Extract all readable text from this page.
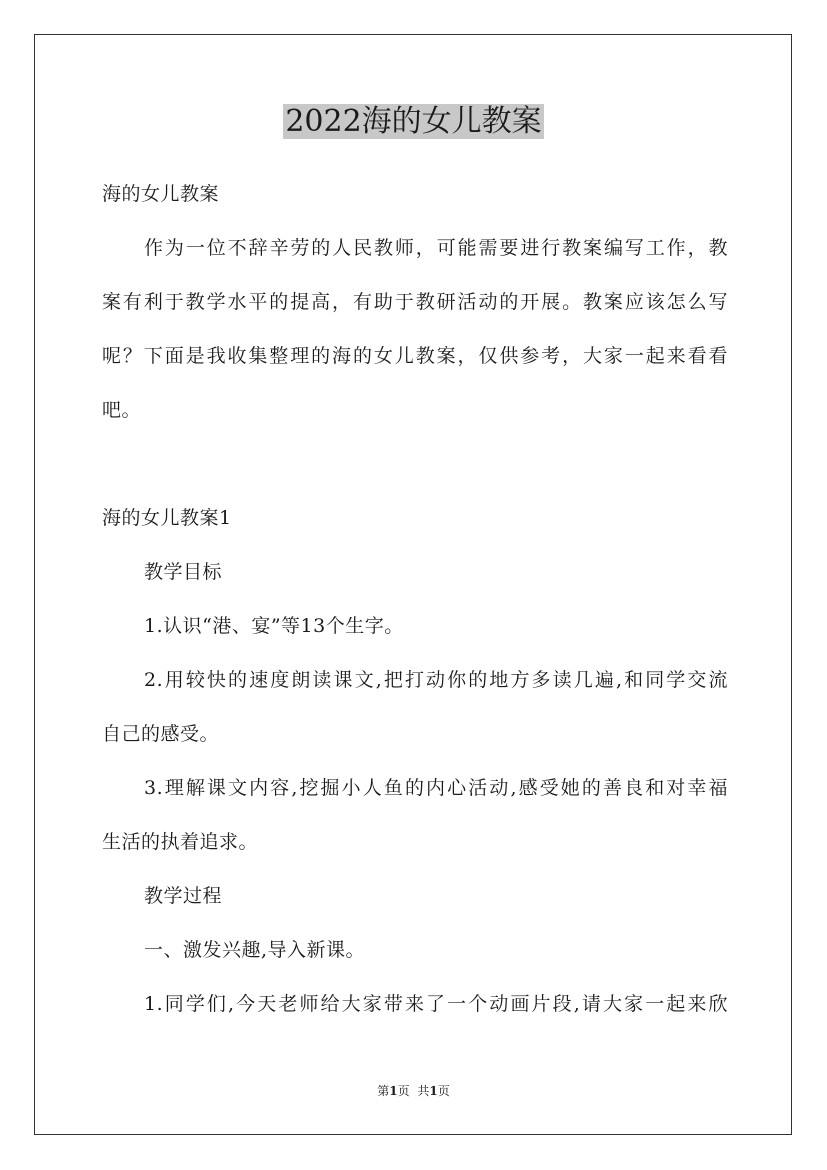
2022海的女儿教案
海的女儿教案
作为一位不辞辛劳的人民教师，可能需要进行教案编写工作，教
案有利于教学水平的提高，有助于教研活动的开展。教案应该怎么写
呢？下面是我收集整理的海的女儿教案，仅供参考，大家一起来看看
吧。
海的女儿教案1
教学目标
1.认识“港、宴”等13个生字。
2.用较快的速度朗读课文,把打动你的地方多读几遍,和同学交流
自己的感受。
3.理解课文内容,挖掘小人鱼的内心活动,感受她的善良和对幸福
生活的执着追求。
教学过程
一、激发兴趣,导入新课。
1.同学们,今天老师给大家带来了一个动画片段,请大家一起来欣
第1页 共1页
